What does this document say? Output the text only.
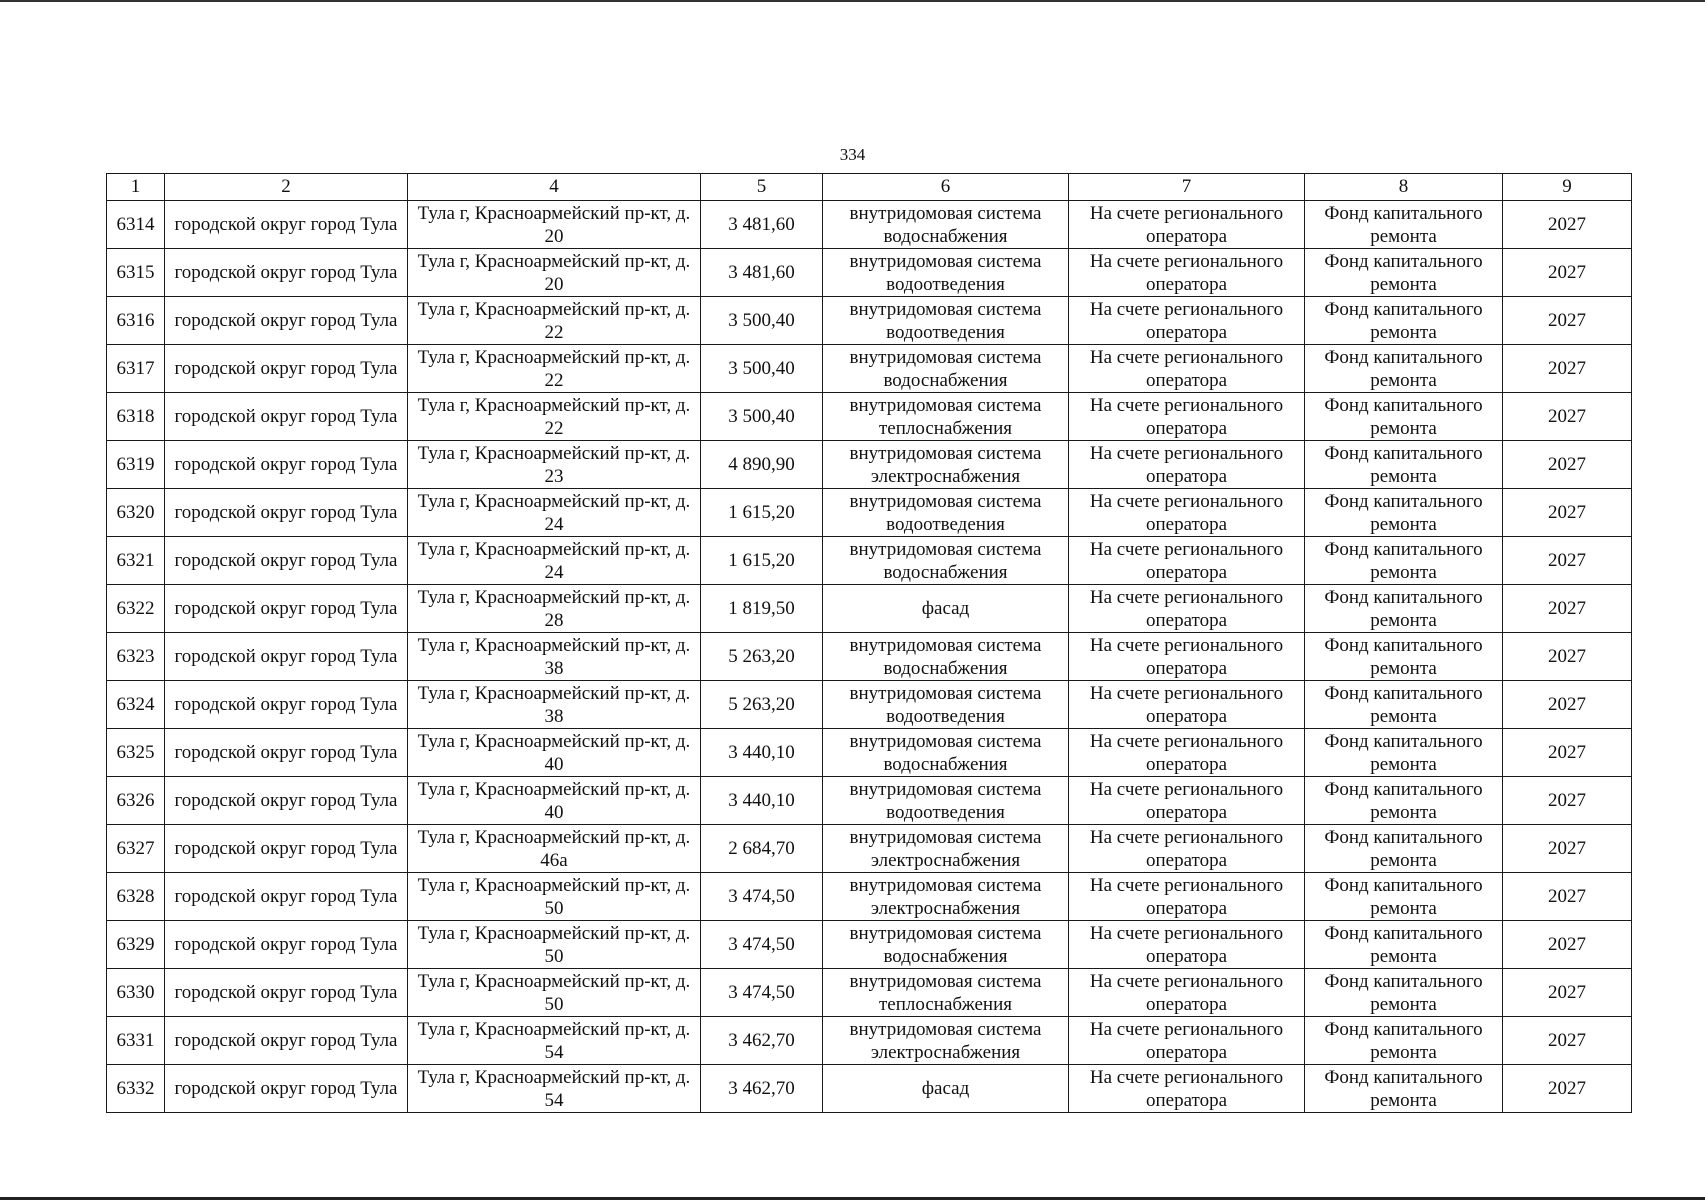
334
1	2	4	5	6	7	8	9
6314	городской округ город Тула	Тула г, Красноармейский пр-кт, д. 20	3 481,60	внутридомовая система водоснабжения	На счете регионального оператора	Фонд капитального ремонта	2027
6315	городской округ город Тула	Тула г, Красноармейский пр-кт, д. 20	3 481,60	внутридомовая система водоотведения	На счете регионального оператора	Фонд капитального ремонта	2027
6316	городской округ город Тула	Тула г, Красноармейский пр-кт, д. 22	3 500,40	внутридомовая система водоотведения	На счете регионального оператора	Фонд капитального ремонта	2027
6317	городской округ город Тула	Тула г, Красноармейский пр-кт, д. 22	3 500,40	внутридомовая система водоснабжения	На счете регионального оператора	Фонд капитального ремонта	2027
6318	городской округ город Тула	Тула г, Красноармейский пр-кт, д. 22	3 500,40	внутридомовая система теплоснабжения	На счете регионального оператора	Фонд капитального ремонта	2027
6319	городской округ город Тула	Тула г, Красноармейский пр-кт, д. 23	4 890,90	внутридомовая система электроснабжения	На счете регионального оператора	Фонд капитального ремонта	2027
6320	городской округ город Тула	Тула г, Красноармейский пр-кт, д. 24	1 615,20	внутридомовая система водоотведения	На счете регионального оператора	Фонд капитального ремонта	2027
6321	городской округ город Тула	Тула г, Красноармейский пр-кт, д. 24	1 615,20	внутридомовая система водоснабжения	На счете регионального оператора	Фонд капитального ремонта	2027
6322	городской округ город Тула	Тула г, Красноармейский пр-кт, д. 28	1 819,50	фасад	На счете регионального оператора	Фонд капитального ремонта	2027
6323	городской округ город Тула	Тула г, Красноармейский пр-кт, д. 38	5 263,20	внутридомовая система водоснабжения	На счете регионального оператора	Фонд капитального ремонта	2027
6324	городской округ город Тула	Тула г, Красноармейский пр-кт, д. 38	5 263,20	внутридомовая система водоотведения	На счете регионального оператора	Фонд капитального ремонта	2027
6325	городской округ город Тула	Тула г, Красноармейский пр-кт, д. 40	3 440,10	внутридомовая система водоснабжения	На счете регионального оператора	Фонд капитального ремонта	2027
6326	городской округ город Тула	Тула г, Красноармейский пр-кт, д. 40	3 440,10	внутридомовая система водоотведения	На счете регионального оператора	Фонд капитального ремонта	2027
6327	городской округ город Тула	Тула г, Красноармейский пр-кт, д. 46а	2 684,70	внутридомовая система электроснабжения	На счете регионального оператора	Фонд капитального ремонта	2027
6328	городской округ город Тула	Тула г, Красноармейский пр-кт, д. 50	3 474,50	внутридомовая система электроснабжения	На счете регионального оператора	Фонд капитального ремонта	2027
6329	городской округ город Тула	Тула г, Красноармейский пр-кт, д. 50	3 474,50	внутридомовая система водоснабжения	На счете регионального оператора	Фонд капитального ремонта	2027
6330	городской округ город Тула	Тула г, Красноармейский пр-кт, д. 50	3 474,50	внутридомовая система теплоснабжения	На счете регионального оператора	Фонд капитального ремонта	2027
6331	городской округ город Тула	Тула г, Красноармейский пр-кт, д. 54	3 462,70	внутридомовая система электроснабжения	На счете регионального оператора	Фонд капитального ремонта	2027
6332	городской округ город Тула	Тула г, Красноармейский пр-кт, д. 54	3 462,70	фасад	На счете регионального оператора	Фонд капитального ремонта	2027
